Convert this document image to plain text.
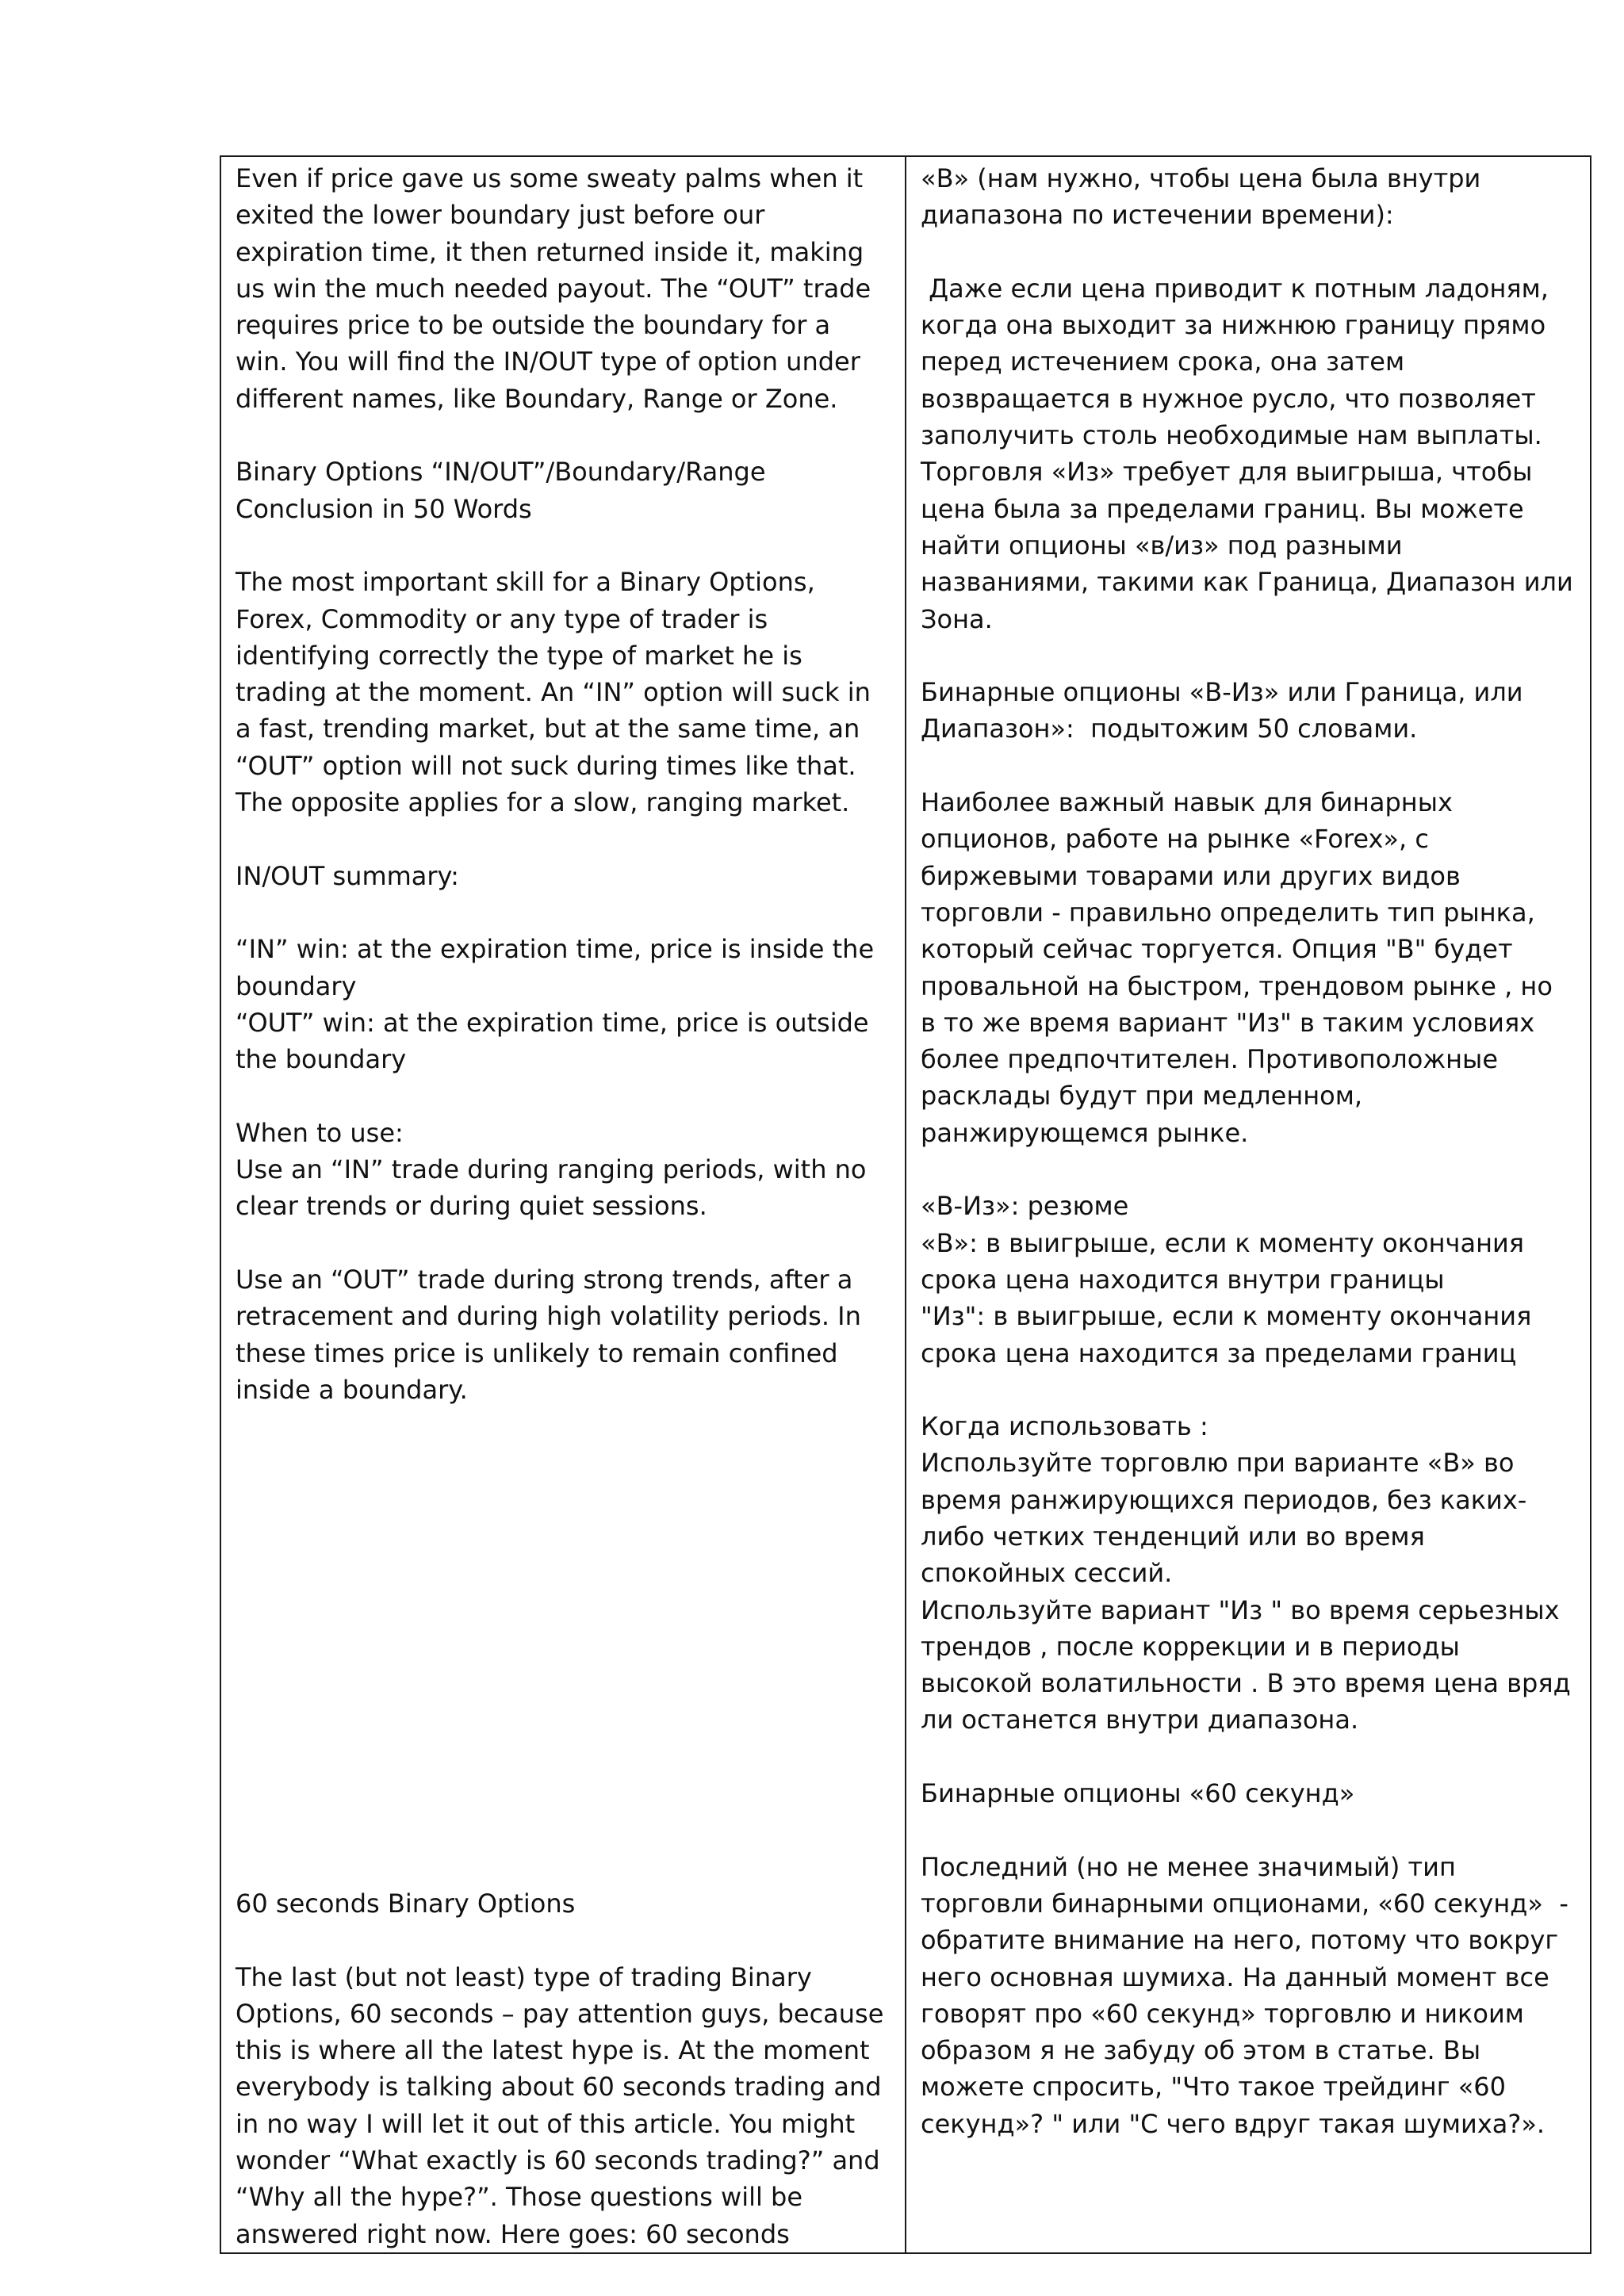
Even if price gave us some sweaty palms when it
exited the lower boundary just before our
expiration time, it then returned inside it, making
us win the much needed payout. The “OUT” trade
requires price to be outside the boundary for a
win. You will find the IN/OUT type of option under
different names, like Boundary, Range or Zone.
Binary Options “IN/OUT”/Boundary/Range
Conclusion in 50 Words
The most important skill for a Binary Options,
Forex, Commodity or any type of trader is
identifying correctly the type of market he is
trading at the moment. An “IN” option will suck in
a fast, trending market, but at the same time, an
“OUT” option will not suck during times like that.
The opposite applies for a slow, ranging market.
IN/OUT summary:
“IN” win: at the expiration time, price is inside the
boundary
“OUT” win: at the expiration time, price is outside
the boundary
When to use:
Use an “IN” trade during ranging periods, with no
clear trends or during quiet sessions.
Use an “OUT” trade during strong trends, after a
retracement and during high volatility periods. In
these times price is unlikely to remain confined
inside a boundary.
60 seconds Binary Options
The last (but not least) type of trading Binary
Options, 60 seconds – pay attention guys, because
this is where all the latest hype is. At the moment
everybody is talking about 60 seconds trading and
in no way I will let it out of this article. You might
wonder “What exactly is 60 seconds trading?” and
“Why all the hype?”. Those questions will be
answered right now. Here goes: 60 seconds

«В» (нам нужно, чтобы цена была внутри
диапазона по истечении времени):
Даже если цена приводит к потным ладоням,
когда она выходит за нижнюю границу прямо
перед истечением срока, она затем
возвращается в нужное русло, что позволяет
заполучить столь необходимые нам выплаты.
Торговля «Из» требует для выигрыша, чтобы
цена была за пределами границ. Вы можете
найти опционы «в/из» под разными
названиями, такими как Граница, Диапазон или
Зона.
Бинарные опционы «В-Из» или Граница, или
Диапазон»:  подытожим 50 словами.
Наиболее важный навык для бинарных
опционов, работе на рынке «Forex», с
биржевыми товарами или других видов
торговли - правильно определить тип рынка,
который сейчас торгуется. Опция "В" будет
провальной на быстром, трендовом рынке , но
в то же время вариант "Из" в таким условиях
более предпочтителен. Противоположные
расклады будут при медленном,
ранжирующемся рынке.
«В-Из»: резюме
«В»: в выигрыше, если к моменту окончания
срока цена находится внутри границы
"Из": в выигрыше, если к моменту окончания
срока цена находится за пределами границ
Когда использовать :
Используйте торговлю при варианте «В» во
время ранжирующихся периодов, без каких-
либо четких тенденций или во время
спокойных сессий.
Используйте вариант "Из " во время серьезных
трендов , после коррекции и в периоды
высокой волатильности . В это время цена вряд
ли останется внутри диапазона.
Бинарные опционы «60 секунд»
Последний (но не менее значимый) тип
торговли бинарными опционами, «60 секунд»  -
обратите внимание на него, потому что вокруг
него основная шумиха. На данный момент все
говорят про «60 секунд» торговлю и никоим
образом я не забуду об этом в статье. Вы
можете спросить, "Что такое трейдинг «60
секунд»? " или "С чего вдруг такая шумиха?».
